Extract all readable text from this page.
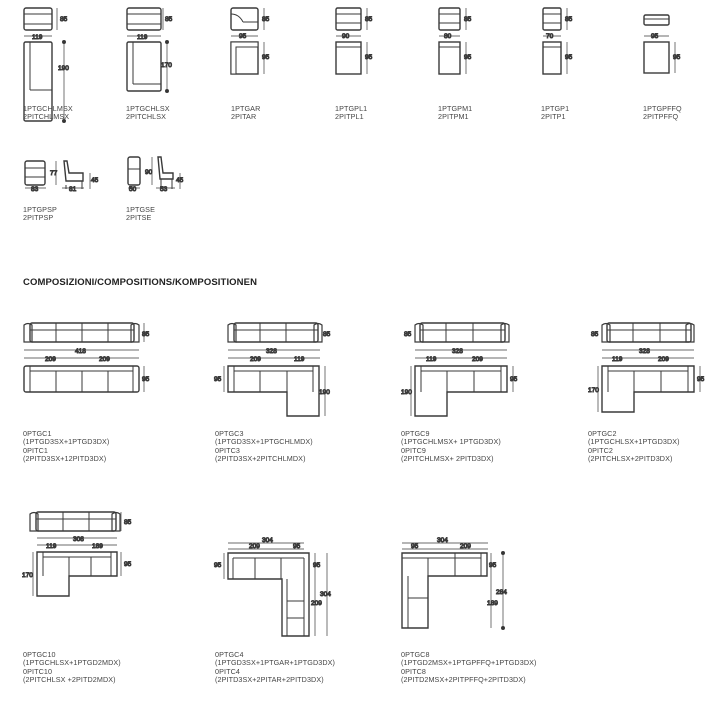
85
119
190
85
119
170
85
95
95
85
90
95
85
80
95
85
70
95
95
95
83
77
81
45
50
90
53
45
418
209	209
85
95
328
209	119
85
95
190
328
119	209
85
95
190
328
119	209
85
95
170
308
119	189
85
95
170
304
209	95
95	95
304
209
304
95	209
95
284
189
1PTGCHLMSX
2PITCHLMSX
1PTGCHLSX
2PITCHLSX
1PTGAR
2PITAR
1PTGPL1
2PITPL1
1PTGPM1
2PITPM1
1PTGP1
2PITP1
1PTGPFFQ
2PITPFFQ
1PTGPSP
2PITPSP
1PTGSE
2PITSE
COMPOSIZIONI/COMPOSITIONS/KOMPOSITIONEN
0PTGC1
(1PTGD3SX+1PTGD3DX)
0PITC1
(2PITD3SX+12PITD3DX)
0PTGC3
(1PTGD3SX+1PTGCHLMDX)
0PITC3
(2PITD3SX+2PITCHLMDX)
0PTGC9
(1PTGCHLMSX+ 1PTGD3DX)
0PITC9
(2PITCHLMSX+ 2PITD3DX)
0PTGC2
(1PTGCHLSX+1PTGD3DX)
0PITC2
(2PITCHLSX+2PITD3DX)
0PTGC10
(1PTGCHLSX+1PTGD2MDX)
0PITC10
(2PITCHLSX +2PITD2MDX)
0PTGC4
(1PTGD3SX+1PTGAR+1PTGD3DX)
0PITC4
(2PITD3SX+2PITAR+2PITD3DX)
0PTGC8
(1PTGD2MSX+1PTGPFFQ+1PTGD3DX)
0PITC8
(2PITD2MSX+2PITPFFQ+2PITD3DX)
